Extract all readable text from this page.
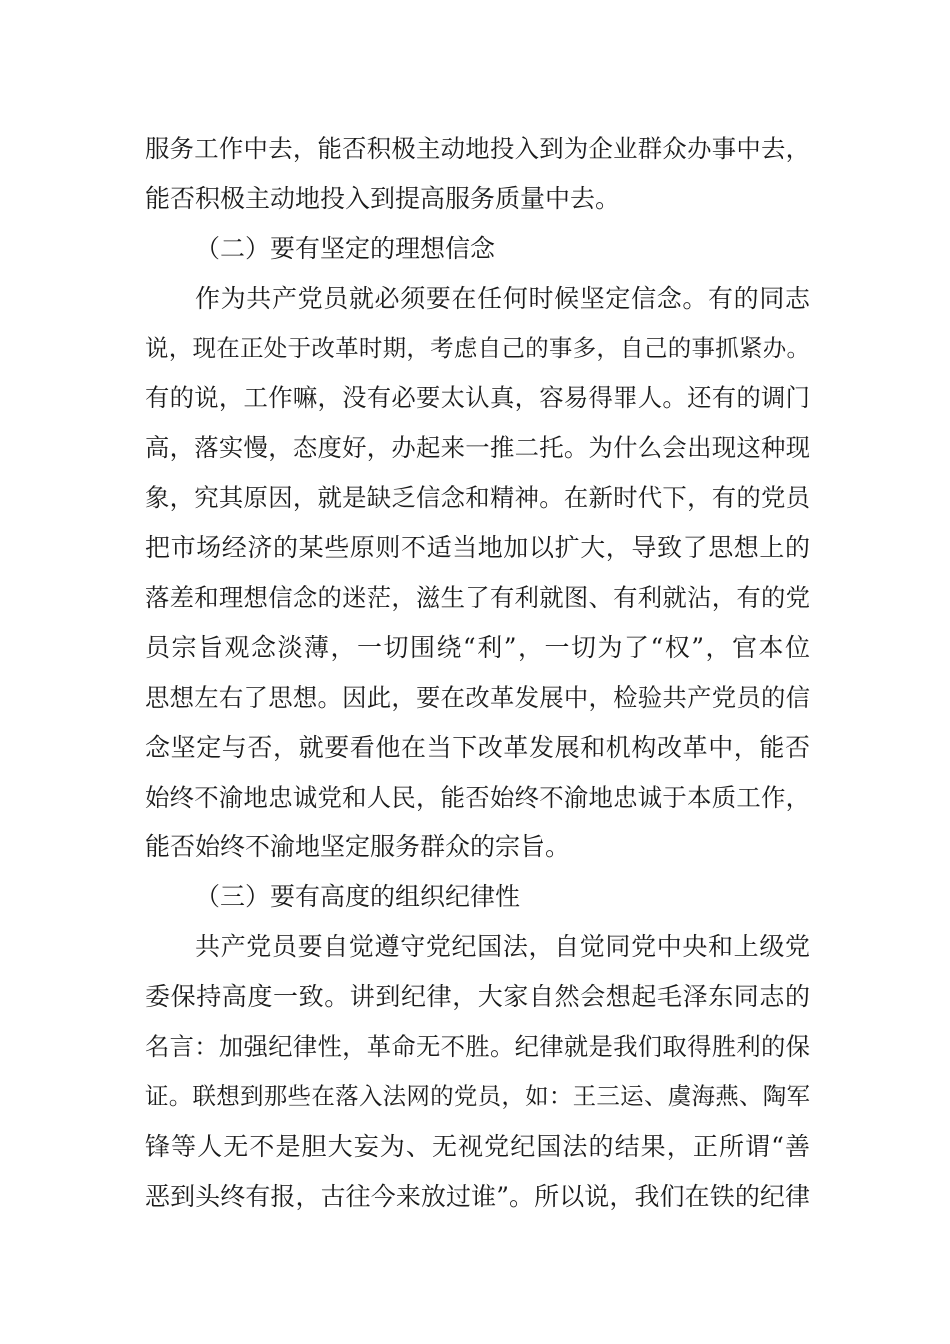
服务工作中去，能否积极主动地投入到为企业群众办事中去，
能否积极主动地投入到提高服务质量中去。
（二）要有坚定的理想信念
作为共产党员就必须要在任何时候坚定信念。有的同志
说，现在正处于改革时期，考虑自己的事多，自己的事抓紧办。
有的说，工作嘛，没有必要太认真，容易得罪人。还有的调门
高，落实慢，态度好，办起来一推二托。为什么会出现这种现
象，究其原因，就是缺乏信念和精神。在新时代下，有的党员
把市场经济的某些原则不适当地加以扩大，导致了思想上的
落差和理想信念的迷茫，滋生了有利就图、有利就沾，有的党
员宗旨观念淡薄，一切围绕“利”，一切为了“权”，官本位
思想左右了思想。因此，要在改革发展中，检验共产党员的信
念坚定与否，就要看他在当下改革发展和机构改革中，能否
始终不渝地忠诚党和人民，能否始终不渝地忠诚于本质工作，
能否始终不渝地坚定服务群众的宗旨。
（三）要有高度的组织纪律性
共产党员要自觉遵守党纪国法，自觉同党中央和上级党
委保持高度一致。讲到纪律，大家自然会想起毛泽东同志的
名言：加强纪律性，革命无不胜。纪律就是我们取得胜利的保
证。联想到那些在落入法网的党员，如：王三运、虞海燕、陶军
锋等人无不是胆大妄为、无视党纪国法的结果，正所谓“善
恶到头终有报，古往今来放过谁”。所以说，我们在铁的纪律
